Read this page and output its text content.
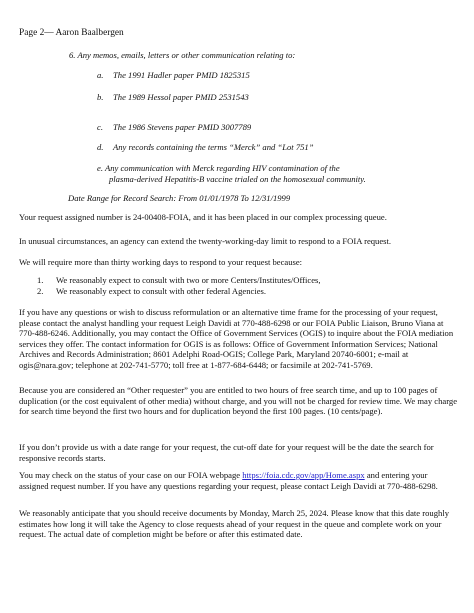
Page 2— Aaron Baalbergen
6. Any memos, emails, letters or other communication relating to:
a. The 1991 Hadler paper PMID 1825315
b. The 1989 Hessol paper PMID 2531543
c. The 1986 Stevens paper PMID 3007789
d. Any records containing the terms “Merck” and “Lot 751”
e. Any communication with Merck regarding HIV contamination of the
plasma-derived Hepatitis-B vaccine trialed on the homosexual community.
Date Range for Record Search: From 01/01/1978 To 12/31/1999
Your request assigned number is 24-00408-FOIA, and it has been placed in our complex processing queue.
In unusual circumstances, an agency can extend the twenty-working-day limit to respond to a FOIA request.
We will require more than thirty working days to respond to your request because:
1. We reasonably expect to consult with two or more Centers/Institutes/Offices,
2. We reasonably expect to consult with other federal Agencies.
If you have any questions or wish to discuss reformulation or an alternative time frame for the processing of your request, please contact the analyst handling your request Leigh Davidi at 770-488-6298 or our FOIA Public Liaison, Bruno Viana at 770-488-6246. Additionally, you may contact the Office of Government Services (OGIS) to inquire about the FOIA mediation services they offer. The contact information for OGIS is as follows: Office of Government Information Services; National Archives and Records Administration; 8601 Adelphi Road-OGIS; College Park, Maryland 20740-6001; e-mail at ogis@nara.gov; telephone at 202-741-5770; toll free at 1-877-684-6448; or facsimile at 202-741-5769.
Because you are considered an “Other requester” you are entitled to two hours of free search time, and up to 100 pages of duplication (or the cost equivalent of other media) without charge, and you will not be charged for review time. We may charge for search time beyond the first two hours and for duplication beyond the first 100 pages. (10 cents/page).
If you don’t provide us with a date range for your request, the cut-off date for your request will be the date the search for responsive records starts.
You may check on the status of your case on our FOIA webpage https://foia.cdc.gov/app/Home.aspx and entering your assigned request number. If you have any questions regarding your request, please contact Leigh Davidi at 770-488-6298.
We reasonably anticipate that you should receive documents by Monday, March 25, 2024. Please know that this date roughly estimates how long it will take the Agency to close requests ahead of your request in the queue and complete work on your request. The actual date of completion might be before or after this estimated date.
